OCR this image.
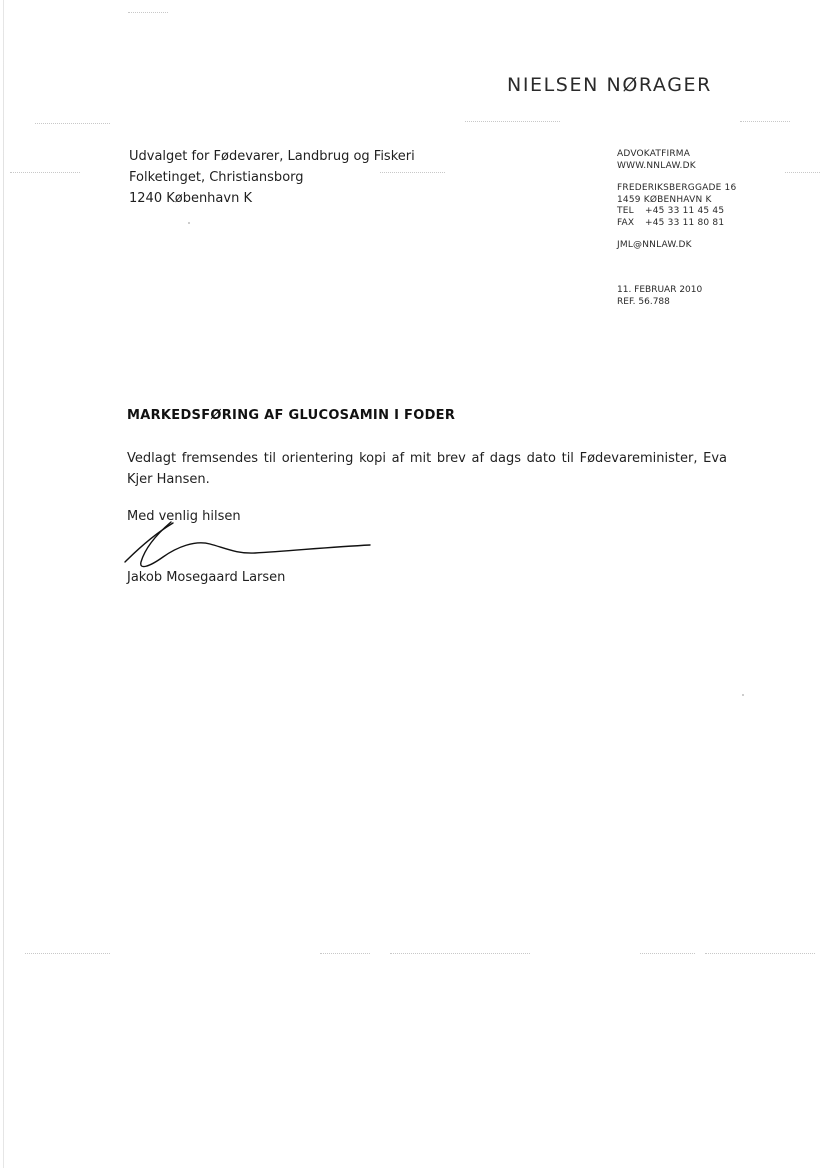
NIELSEN NØRAGER
Udvalget for Fødevarer, Landbrug og Fiskeri
Folketinget, Christiansborg
1240 København K
ADVOKATFIRMA
WWW.NNLAW.DK
FREDERIKSBERGGADE 16
1459 KØBENHAVN K
TEL	+45 33 11 45 45
FAX	+45 33 11 80 81
JML@NNLAW.DK
11. FEBRUAR 2010
REF. 56.788
MARKEDSFØRING AF GLUCOSAMIN I FODER
Vedlagt fremsendes til orientering kopi af mit brev af dags dato til Fødevareminister, Eva Kjer Hansen.
Med venlig hilsen
Jakob Mosegaard Larsen
